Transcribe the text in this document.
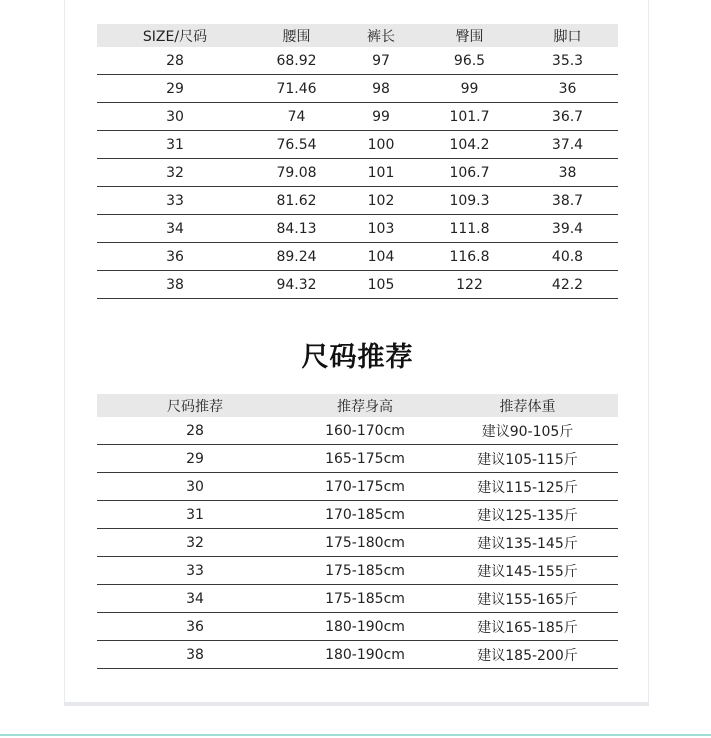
SIZE/尺码	腰围	裤长	臀围	脚口
28	68.92	97	96.5	35.3
29	71.46	98	99	36
30	74	99	101.7	36.7
31	76.54	100	104.2	37.4
32	79.08	101	106.7	38
33	81.62	102	109.3	38.7
34	84.13	103	111.8	39.4
36	89.24	104	116.8	40.8
38	94.32	105	122	42.2
尺码推荐
尺码推荐	推荐身高	推荐体重
28	160-170cm	建议90-105斤
29	165-175cm	建议105-115斤
30	170-175cm	建议115-125斤
31	170-185cm	建议125-135斤
32	175-180cm	建议135-145斤
33	175-185cm	建议145-155斤
34	175-185cm	建议155-165斤
36	180-190cm	建议165-185斤
38	180-190cm	建议185-200斤
